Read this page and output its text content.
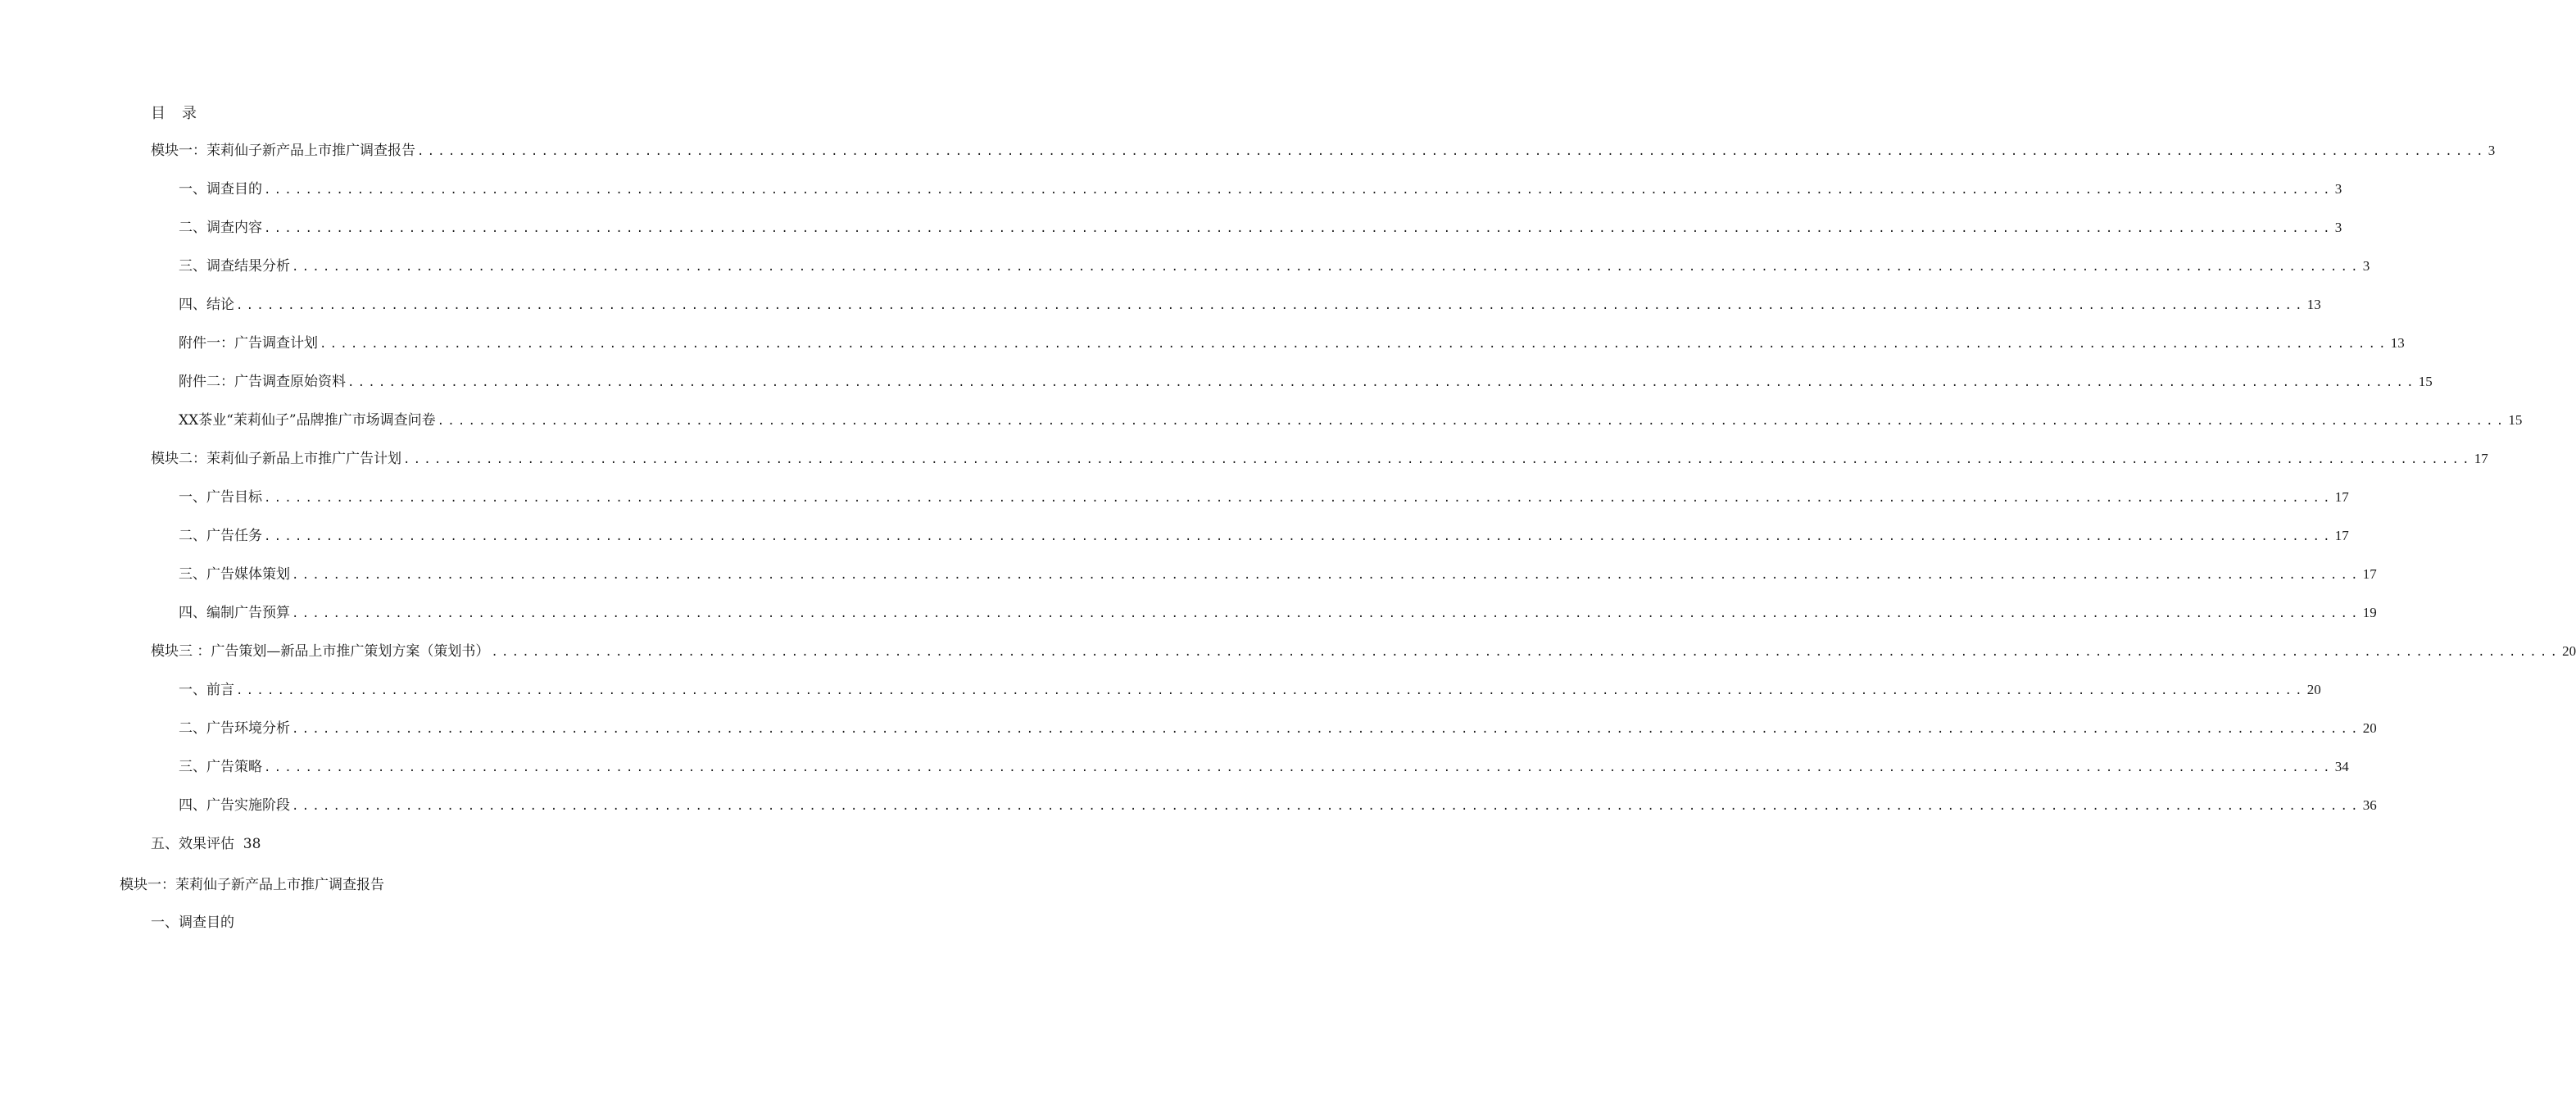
目 录
模块一：茉莉仙子新产品上市推广调查报告 ........................................................................................................................................................................................................ 3
一、调查目的 ........................................................................................................................................................................................................ 3
二、调查内容 ........................................................................................................................................................................................................ 3
三、调查结果分析 ........................................................................................................................................................................................................ 3
四、结论 ........................................................................................................................................................................................................ 13
附件一：广告调查计划 ........................................................................................................................................................................................................ 13
附件二：广告调查原始资料 ........................................................................................................................................................................................................ 15
XX茶业“茉莉仙子”品牌推广市场调查问卷 ........................................................................................................................................................................................................ 15
模块二：茉莉仙子新品上市推广广告计划 ........................................................................................................................................................................................................ 17
一、广告目标 ........................................................................................................................................................................................................ 17
二、广告任务 ........................................................................................................................................................................................................ 17
三、广告媒体策划 ........................................................................................................................................................................................................ 17
四、编制广告预算 ........................................................................................................................................................................................................ 19
模块三 ：广告策划—新品上市推广策划方案（策划书） ........................................................................................................................................................................................................ 20
一、前言 ........................................................................................................................................................................................................ 20
二、广告环境分析 ........................................................................................................................................................................................................ 20
三、广告策略 ........................................................................................................................................................................................................ 34
四、广告实施阶段 ........................................................................................................................................................................................................ 36
五、效果评估  38
模块一：茉莉仙子新产品上市推广调查报告
一、调查目的
